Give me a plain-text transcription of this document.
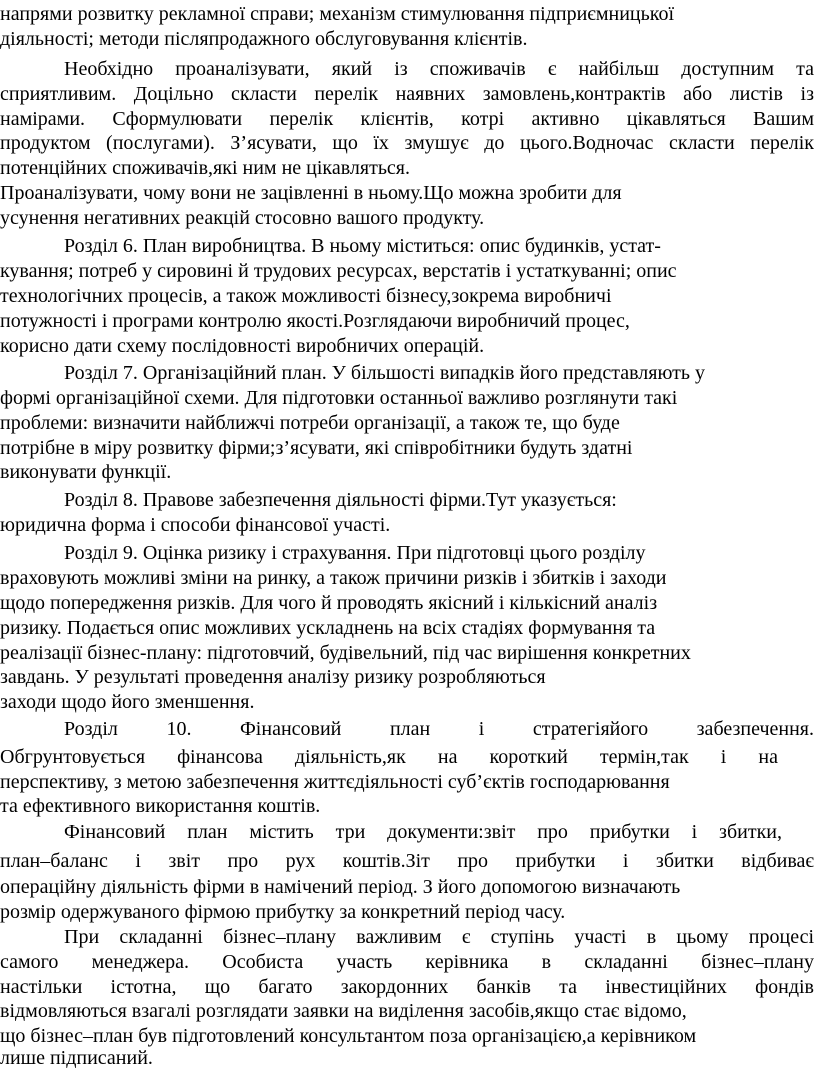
напрями розвитку рекламної справи; механізм стимулювання підприємницької

діяльності; методи післяпродажного обслуговування клієнтів.

Необхідно проаналізувати, який із споживачів є найбільш доступним та

сприятливим. Доцільно скласти перелік наявних замовлень,контрактів або листів із

намірами. Сформулювати перелік клієнтів, котрі активно цікавляться Вашим

продуктом (послугами). З’ясувати, що їх змушує до цього.Водночас скласти перелік

потенційних споживачів,які ним не цікавляться.

Проаналізувати, чому вони не зацівленні в ньому.Що можна зробити для

усунення негативних реакцій стосовно вашого продукту.

Розділ 6. План виробництва. В ньому міститься: опис будинків, устат-

кування; потреб у сировині й трудових ресурсах, верстатів і устаткуванні; опис

технологічних процесів, а також можливості бізнесу,зокрема виробничі

потужності і програми контролю якості.Розглядаючи виробничий процес,

корисно дати схему послідовності виробничих операцій.

Розділ 7. Організаційний план. У більшості випадків його представляють у

формі організаційної схеми. Для підготовки останньої важливо розглянути такі

проблеми: визначити найближчі потреби організації, а також те, що буде

потрібне в міру розвитку фірми;з’ясувати, які співробітники будуть здатні

виконувати функції.

Розділ 8. Правове забезпечення діяльності фірми.Тут указується:

юридична форма і способи фінансової участі.

Розділ 9. Оцінка ризику і страхування. При підготовці цього розділу

враховують можливі зміни на ринку, а також причини ризків і збитків і заходи

щодо попередження ризків. Для чого й проводять якісний і кількісний аналіз

ризику. Подається опис можливих ускладнень на всіх стадіях формування та

реалізації бізнес-плану: підготовчий, будівельний, під час вирішення конкретних

завдань. У результаті проведення аналізу ризику розробляються

заходи щодо його зменшення.

Розділ 10. Фінансовий план і стратегіяйого забезпечення.

Обгрунтовується фінансова діяльність,як на короткий термін,так і на

перспективу, з метою забезпечення життєдіяльності суб’єктів господарювання

та ефективного використання коштів.

Фінансовий план містить три документи:звіт про прибутки і збитки,

план–баланс і звіт про рух коштів.Зіт про прибутки і збитки відбиває

операційну діяльність фірми в намічений період. З його допомогою визначають

розмір одержуваного фірмою прибутку за конкретний період часу.

При складанні бізнес–плану важливим є ступінь участі в цьому процесі

самого менеджера. Особиста участь керівника в складанні бізнес–плану

настільки істотна, що багато закордонних банків та інвестиційних фондів

відмовляються взагалі розглядати заявки на виділення засобів,якщо стає відомо,

що бізнес–план був підготовлений консультантом поза організацією,а керівником

лише підписаний.
